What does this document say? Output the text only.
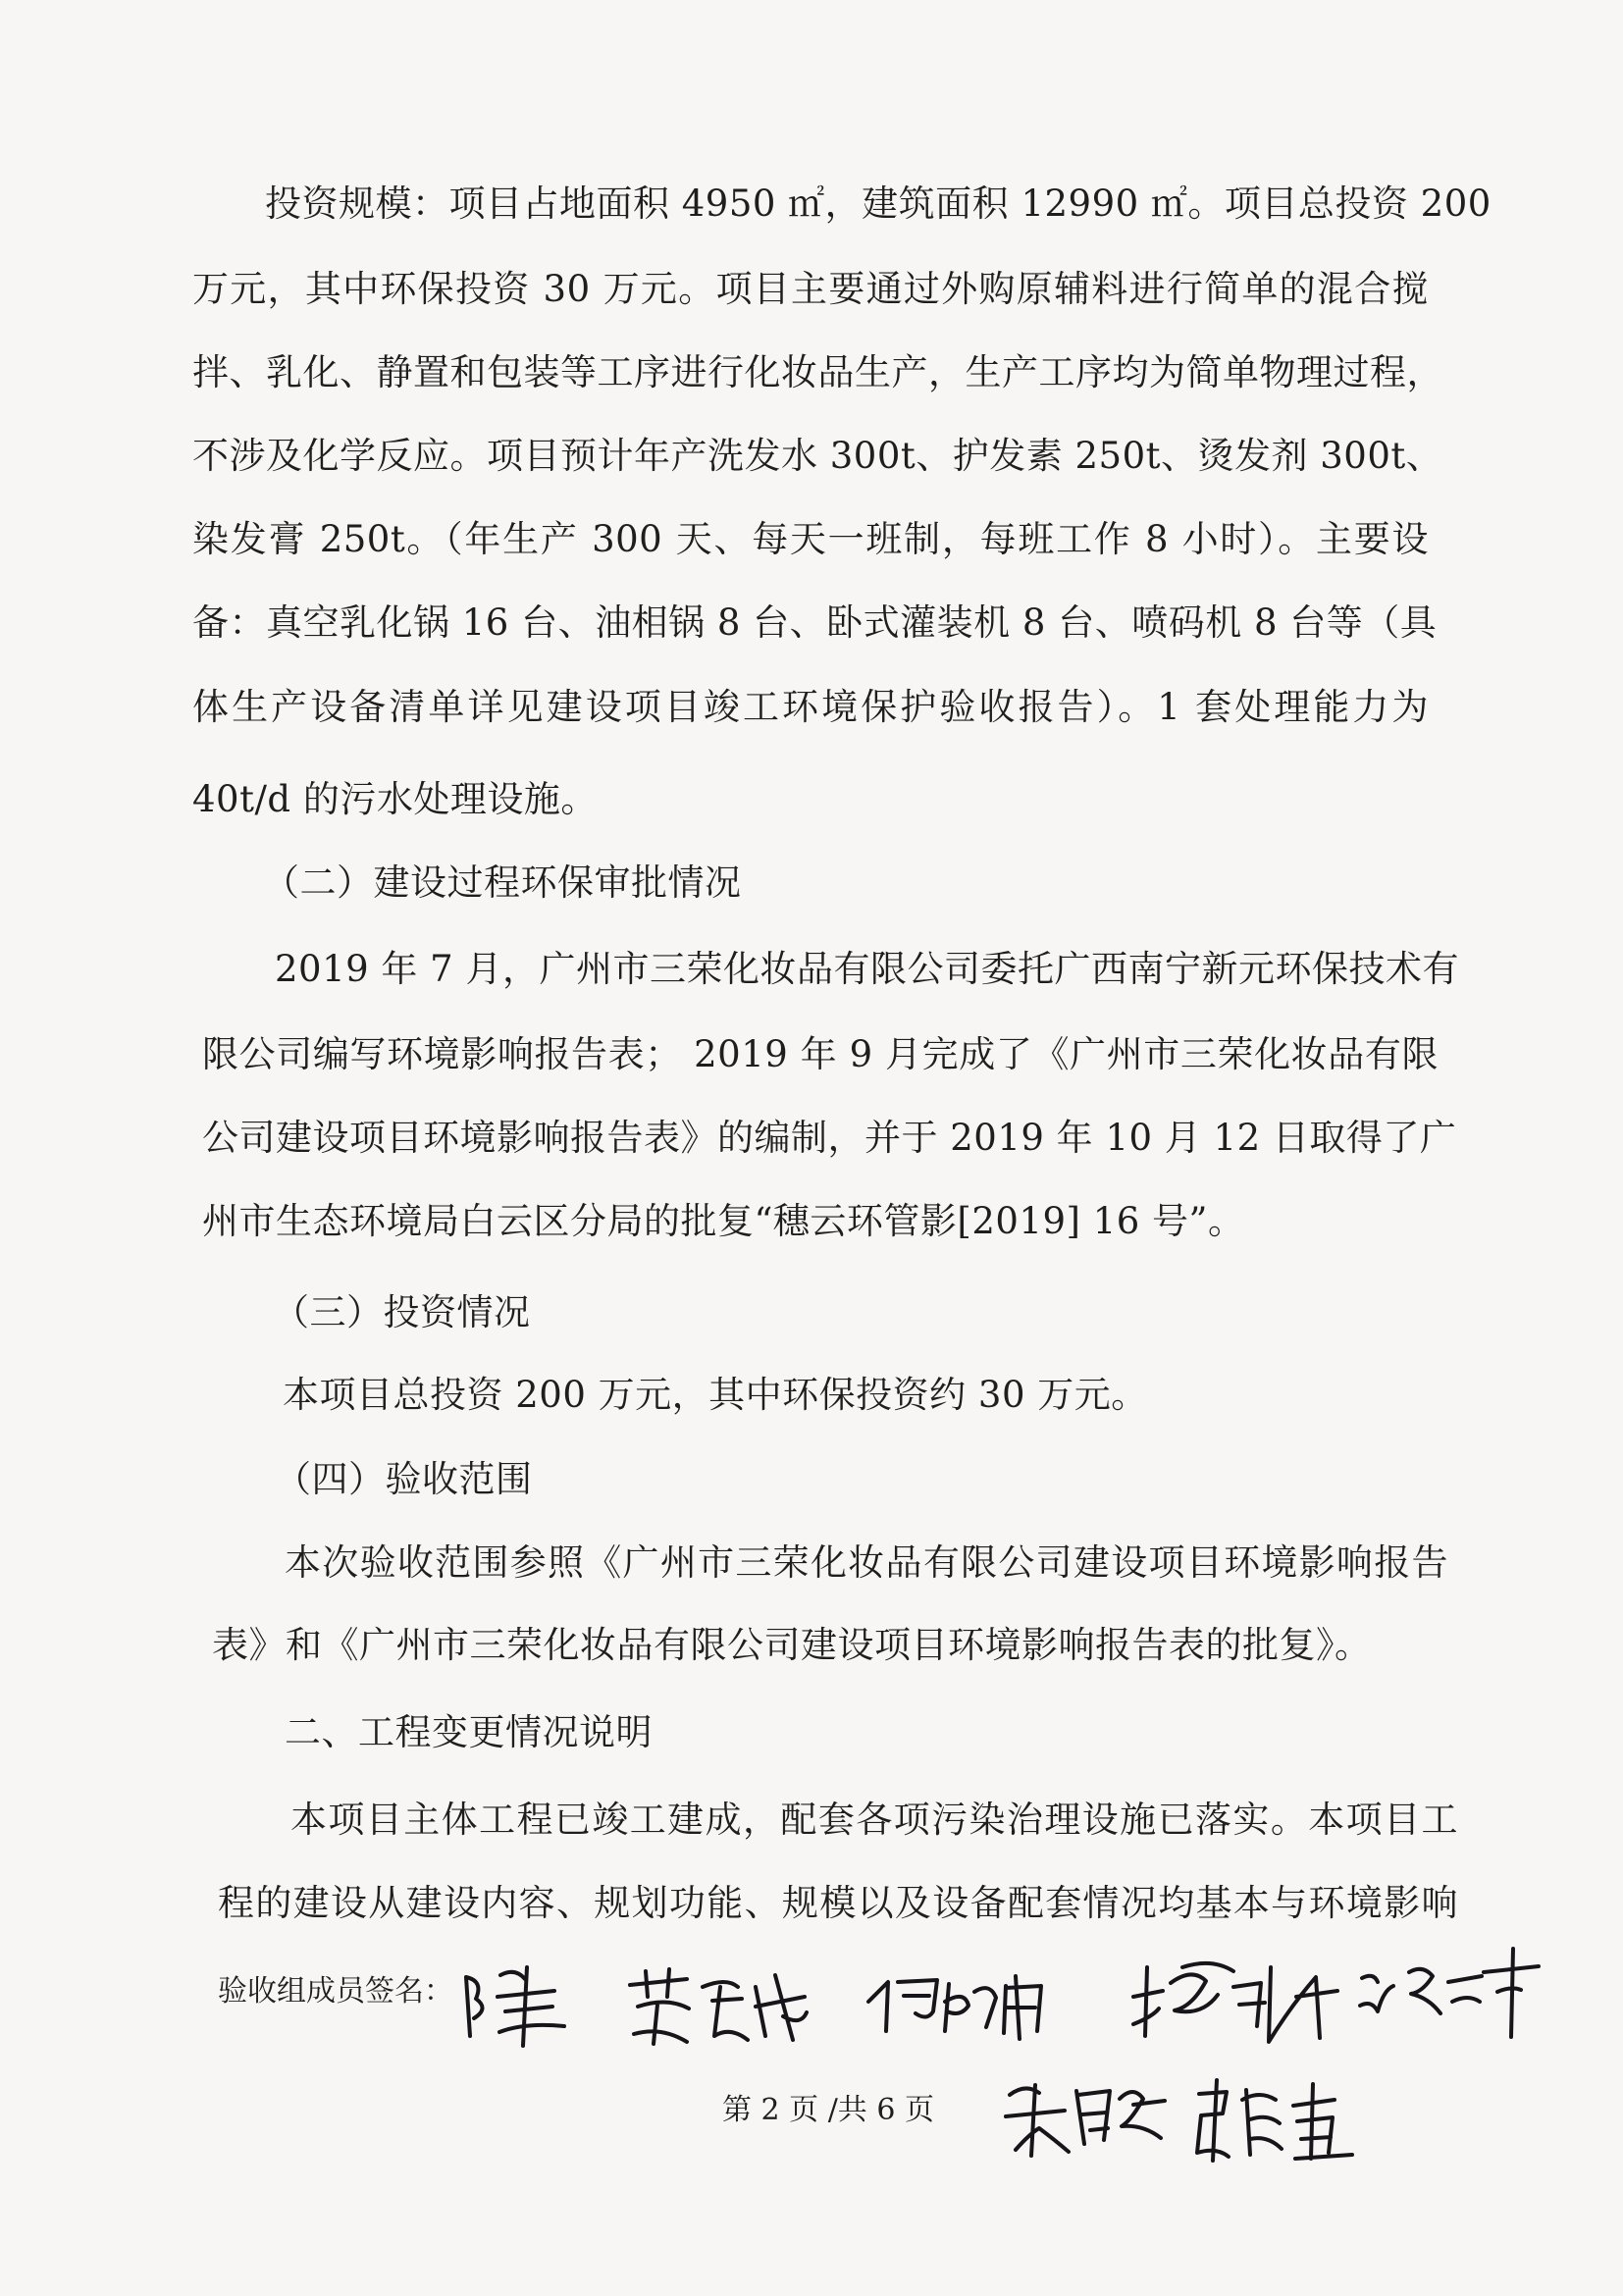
投资规模：项目占地面积 4950 ㎡，建筑面积 12990 ㎡。项目总投资 200

万元，其中环保投资 30 万元。项目主要通过外购原辅料进行简单的混合搅

拌、乳化、静置和包装等工序进行化妆品生产，生产工序均为简单物理过程，

不涉及化学反应。项目预计年产洗发水 300t、护发素 250t、烫发剂 300t、

染发膏 250t。（年生产 300 天、每天一班制，每班工作 8 小时）。主要设

备：真空乳化锅 16 台、油相锅 8 台、卧式灌装机 8 台、喷码机 8 台等（具

体生产设备清单详见建设项目竣工环境保护验收报告）。1 套处理能力为

40t/d 的污水处理设施。

（二）建设过程环保审批情况

2019 年 7 月，广州市三荣化妆品有限公司委托广西南宁新元环保技术有

限公司编写环境影响报告表； 2019 年 9 月完成了《广州市三荣化妆品有限

公司建设项目环境影响报告表》的编制，并于 2019 年 10 月 12 日取得了广

州市生态环境局白云区分局的批复“穗云环管影[2019] 16 号”。

（三）投资情况

本项目总投资 200 万元，其中环保投资约 30 万元。

（四）验收范围

本次验收范围参照《广州市三荣化妆品有限公司建设项目环境影响报告

表》和《广州市三荣化妆品有限公司建设项目环境影响报告表的批复》。

二、工程变更情况说明

本项目主体工程已竣工建成，配套各项污染治理设施已落实。本项目工

程的建设从建设内容、规划功能、规模以及设备配套情况均基本与环境影响

验收组成员签名：
第 2 页 /共 6 页
